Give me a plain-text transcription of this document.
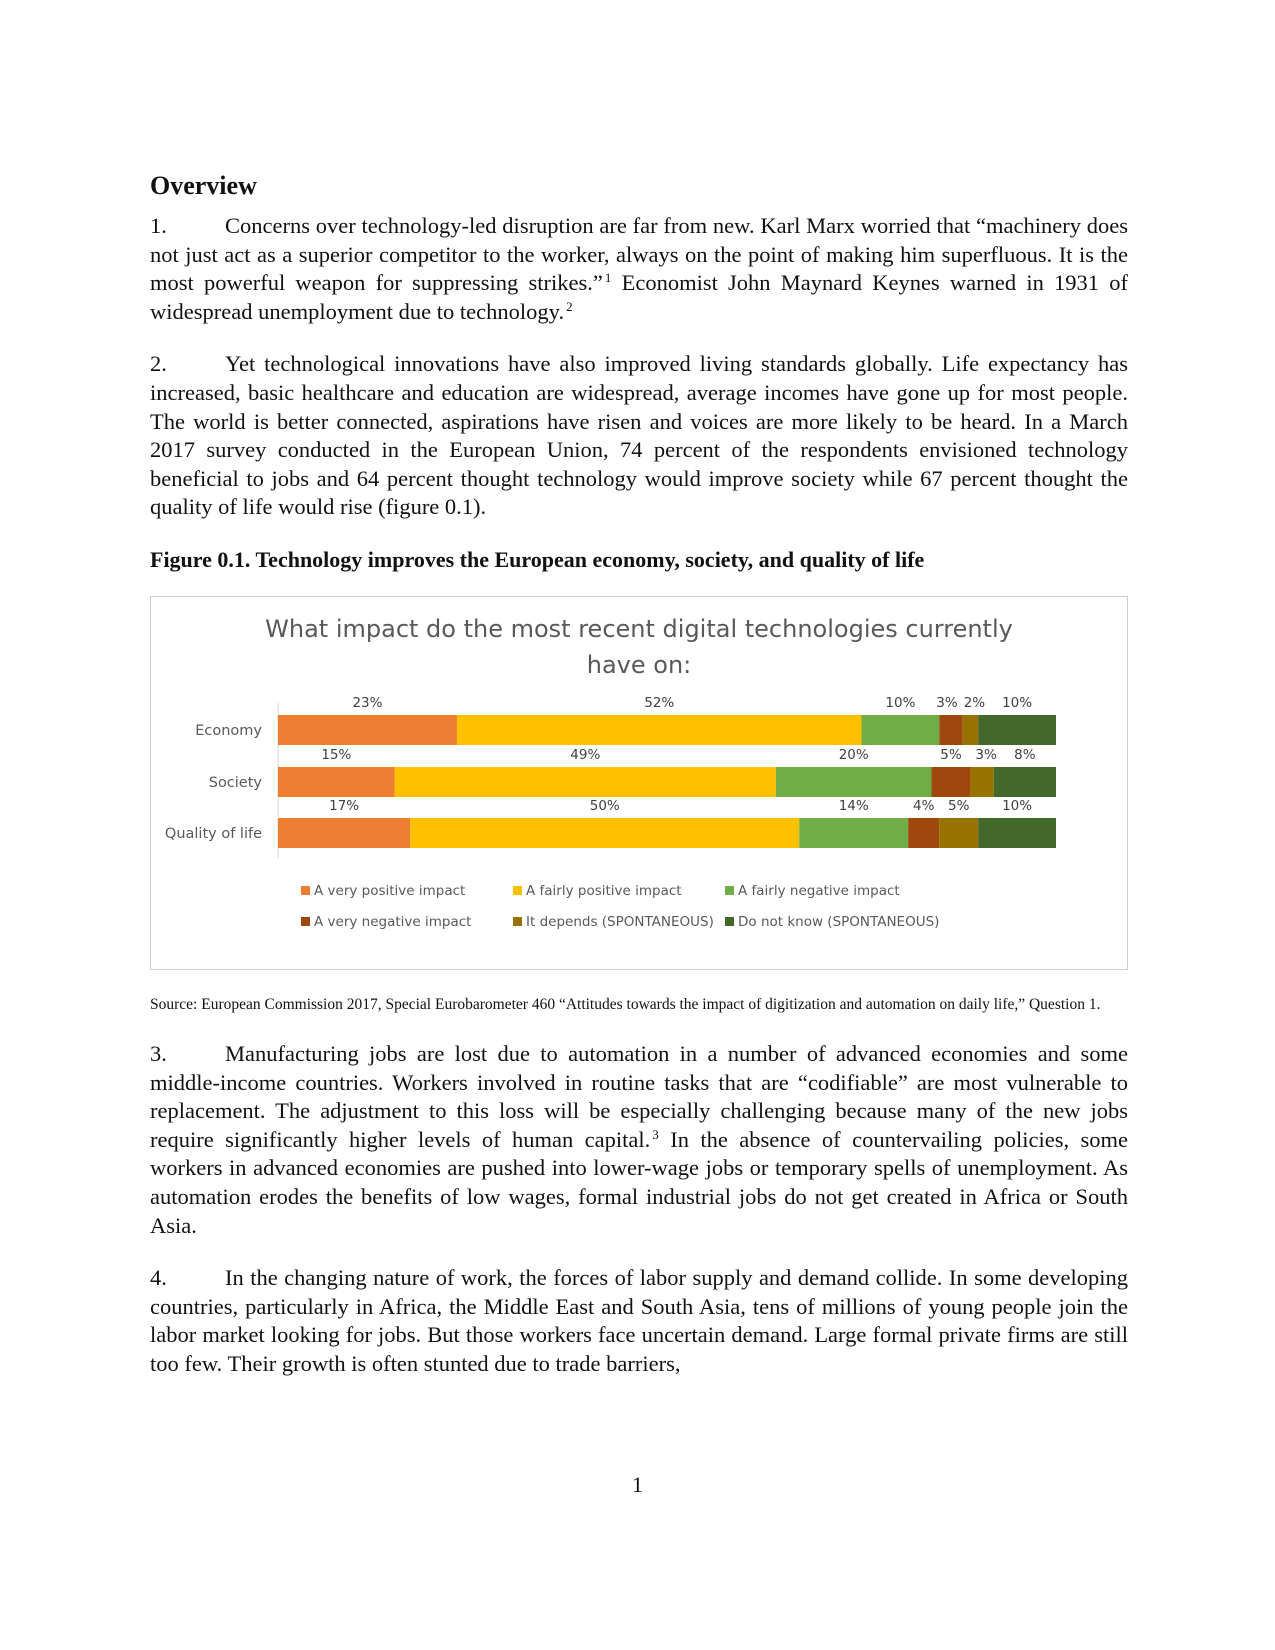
Overview

1.	Concerns over technology-led disruption are far from new. Karl Marx worried that “machinery does not just act as a superior competitor to the worker, always on the point of making him superfluous. It is the most powerful weapon for suppressing strikes.” $^1$ Economist John Maynard Keynes warned in 1931 of widespread unemployment due to technology. $^2$

2.	Yet technological innovations have also improved living standards globally. Life expectancy has increased, basic healthcare and education are widespread, average incomes have gone up for most people. The world is better connected, aspirations have risen and voices are more likely to be heard. In a March 2017 survey conducted in the European Union, 74 percent of the respondents envisioned technology beneficial to jobs and 64 percent thought technology would improve society while 67 percent thought the quality of life would rise (figure 0.1).

Figure 0.1. Technology improves the European economy, society, and quality of life
What impact do the most recent digital technologies currently
have on:
Economy
23%	52%	10% 3% 2% 10%
Society
15%	49%	20%	5% 3% 8%
Quality of life
17%	50%	14%	4% 5% 10%
A very positive impact	A fairly positive impact	A fairly negative impact
A very negative impact	It depends (SPONTANEOUS) Do not know (SPONTANEOUS)
Source: European Commission 2017, Special Eurobarometer 460 “Attitudes towards the impact of digitization and automation on daily life,” Question 1.

3.	Manufacturing jobs are lost due to automation in a number of advanced economies and some middle-income countries. Workers involved in routine tasks that are “codifiable” are most vulnerable to replacement. The adjustment to this loss will be especially challenging because many of the new jobs require significantly higher levels of human capital. $^3$ In the absence of countervailing policies, some workers in advanced economies are pushed into lower-wage jobs or temporary spells of unemployment. As automation erodes the benefits of low wages, formal industrial jobs do not get created in Africa or South Asia.

4.	In the changing nature of work, the forces of labor supply and demand collide. In some developing countries, particularly in Africa, the Middle East and South Asia, tens of millions of young people join the labor market looking for jobs. But those workers face uncertain demand. Large formal private firms are still too few. Their growth is often stunted due to trade barriers,

1
